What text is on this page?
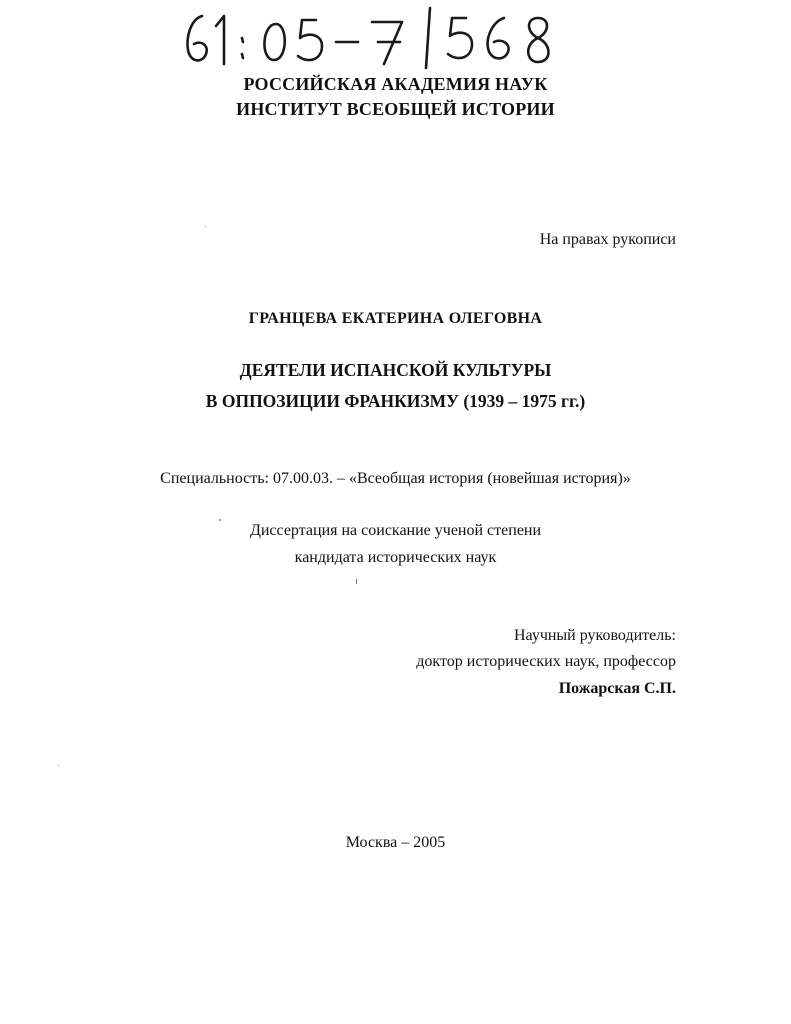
РОССИЙСКАЯ АКАДЕМИЯ НАУК
ИНСТИТУТ ВСЕОБЩЕЙ ИСТОРИИ
На правах рукописи
ГРАНЦЕВА ЕКАТЕРИНА ОЛЕГОВНА
ДЕЯТЕЛИ ИСПАНСКОЙ КУЛЬТУРЫ
В ОППОЗИЦИИ ФРАНКИЗМУ (1939 – 1975 гг.)
Специальность: 07.00.03. – «Всеобщая история (новейшая история)»
Диссертация на соискание ученой степени
кандидата исторических наук
Научный руководитель:
доктор исторических наук, профессор
Пожарская С.П.
Москва – 2005
